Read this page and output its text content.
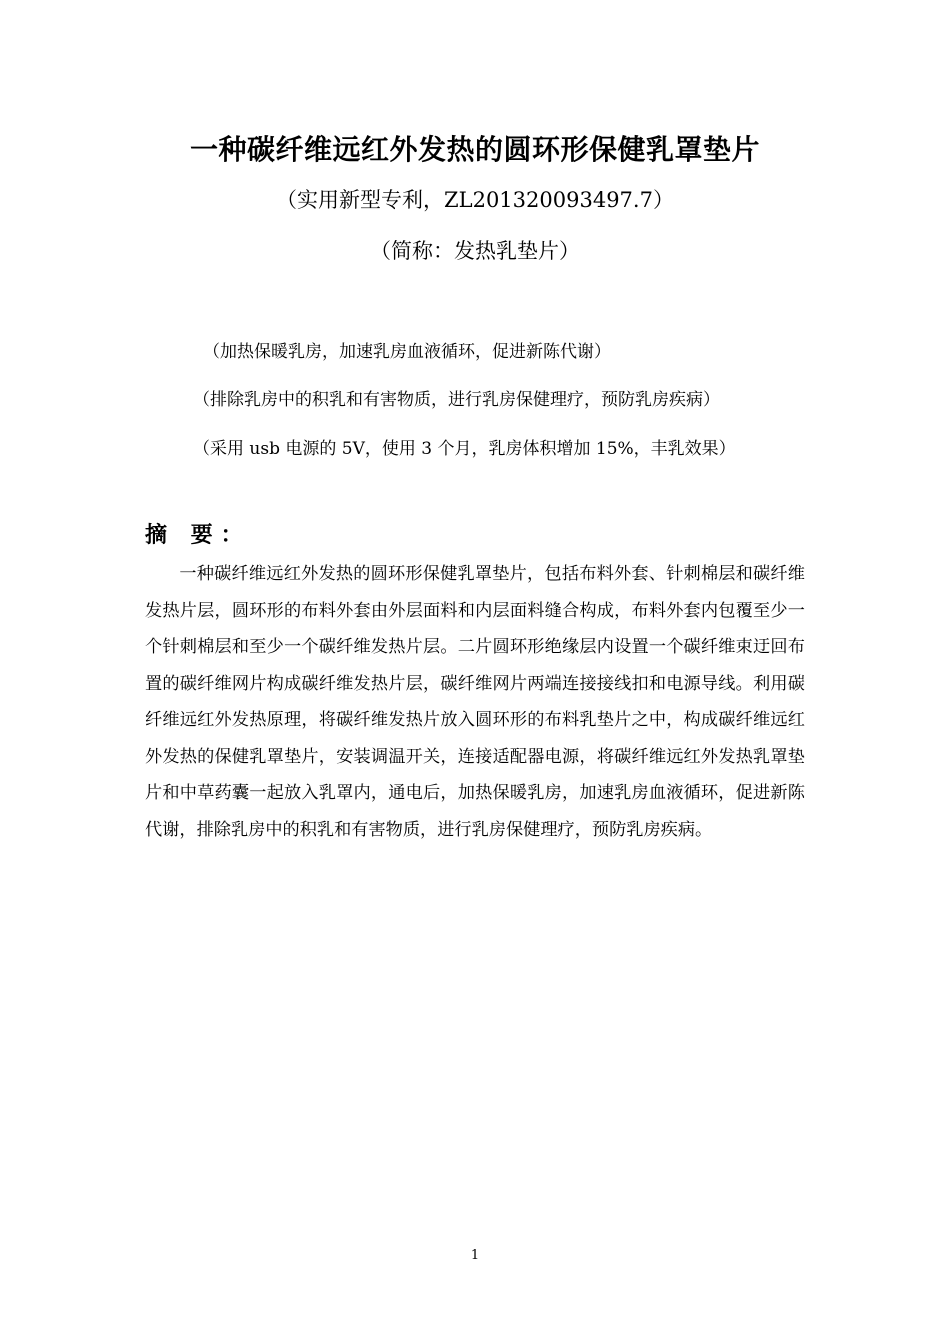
一种碳纤维远红外发热的圆环形保健乳罩垫片
（实用新型专利，ZL201320093497.7）
（简称：发热乳垫片）
（加热保暖乳房，加速乳房血液循环，促进新陈代谢）
（排除乳房中的积乳和有害物质，进行乳房保健理疗，预防乳房疾病）
（采用 usb 电源的 5V，使用 3 个月，乳房体积增加 15%，丰乳效果）
摘 要：
一种碳纤维远红外发热的圆环形保健乳罩垫片，包括布料外套、针刺棉层和碳纤维发热片层，圆环形的布料外套由外层面料和内层面料缝合构成，布料外套内包覆至少一个针刺棉层和至少一个碳纤维发热片层。二片圆环形绝缘层内设置一个碳纤维束迂回布置的碳纤维网片构成碳纤维发热片层，碳纤维网片两端连接接线扣和电源导线。利用碳纤维远红外发热原理，将碳纤维发热片放入圆环形的布料乳垫片之中，构成碳纤维远红外发热的保健乳罩垫片，安装调温开关，连接适配器电源，将碳纤维远红外发热乳罩垫片和中草药囊一起放入乳罩内，通电后，加热保暖乳房，加速乳房血液循环，促进新陈代谢，排除乳房中的积乳和有害物质，进行乳房保健理疗，预防乳房疾病。
1
